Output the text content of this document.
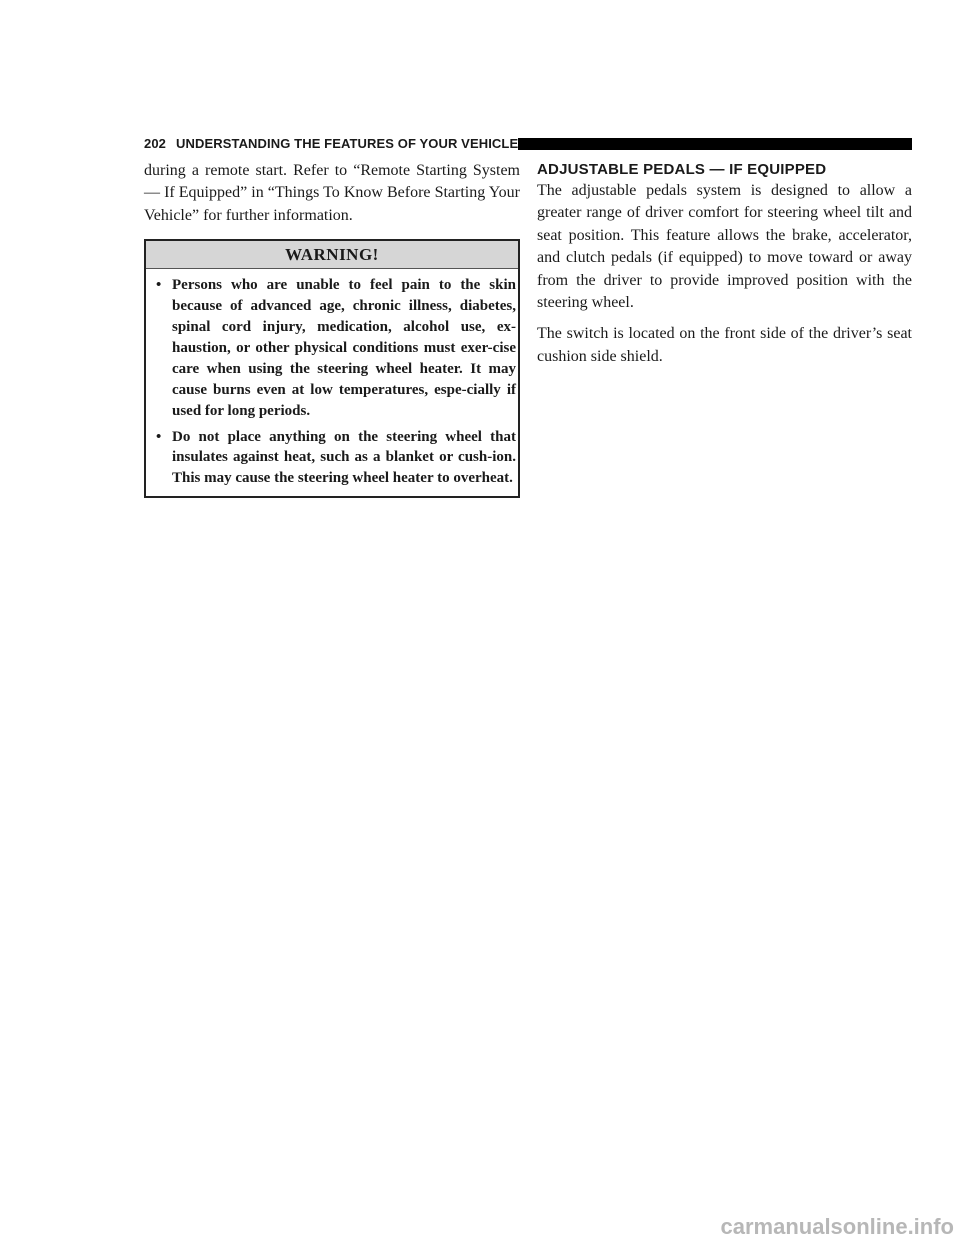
202 UNDERSTANDING THE FEATURES OF YOUR VEHICLE

during a remote start. Refer to “Remote Starting System — If Equipped” in “Things To Know Before Starting Your Vehicle” for further information.

WARNING!
• Persons who are unable to feel pain to the skin because of advanced age, chronic illness, diabetes, spinal cord injury, medication, alcohol use, ex-haustion, or other physical conditions must exer-cise care when using the steering wheel heater. It may cause burns even at low temperatures, espe-cially if used for long periods.
• Do not place anything on the steering wheel that insulates against heat, such as a blanket or cush-ion. This may cause the steering wheel heater to overheat.
ADJUSTABLE PEDALS — IF EQUIPPED

The adjustable pedals system is designed to allow a greater range of driver comfort for steering wheel tilt and seat position. This feature allows the brake, accelerator, and clutch pedals (if equipped) to move toward or away from the driver to provide improved position with the steering wheel.

The switch is located on the front side of the driver’s seat cushion side shield.

carmanualsonline.info
